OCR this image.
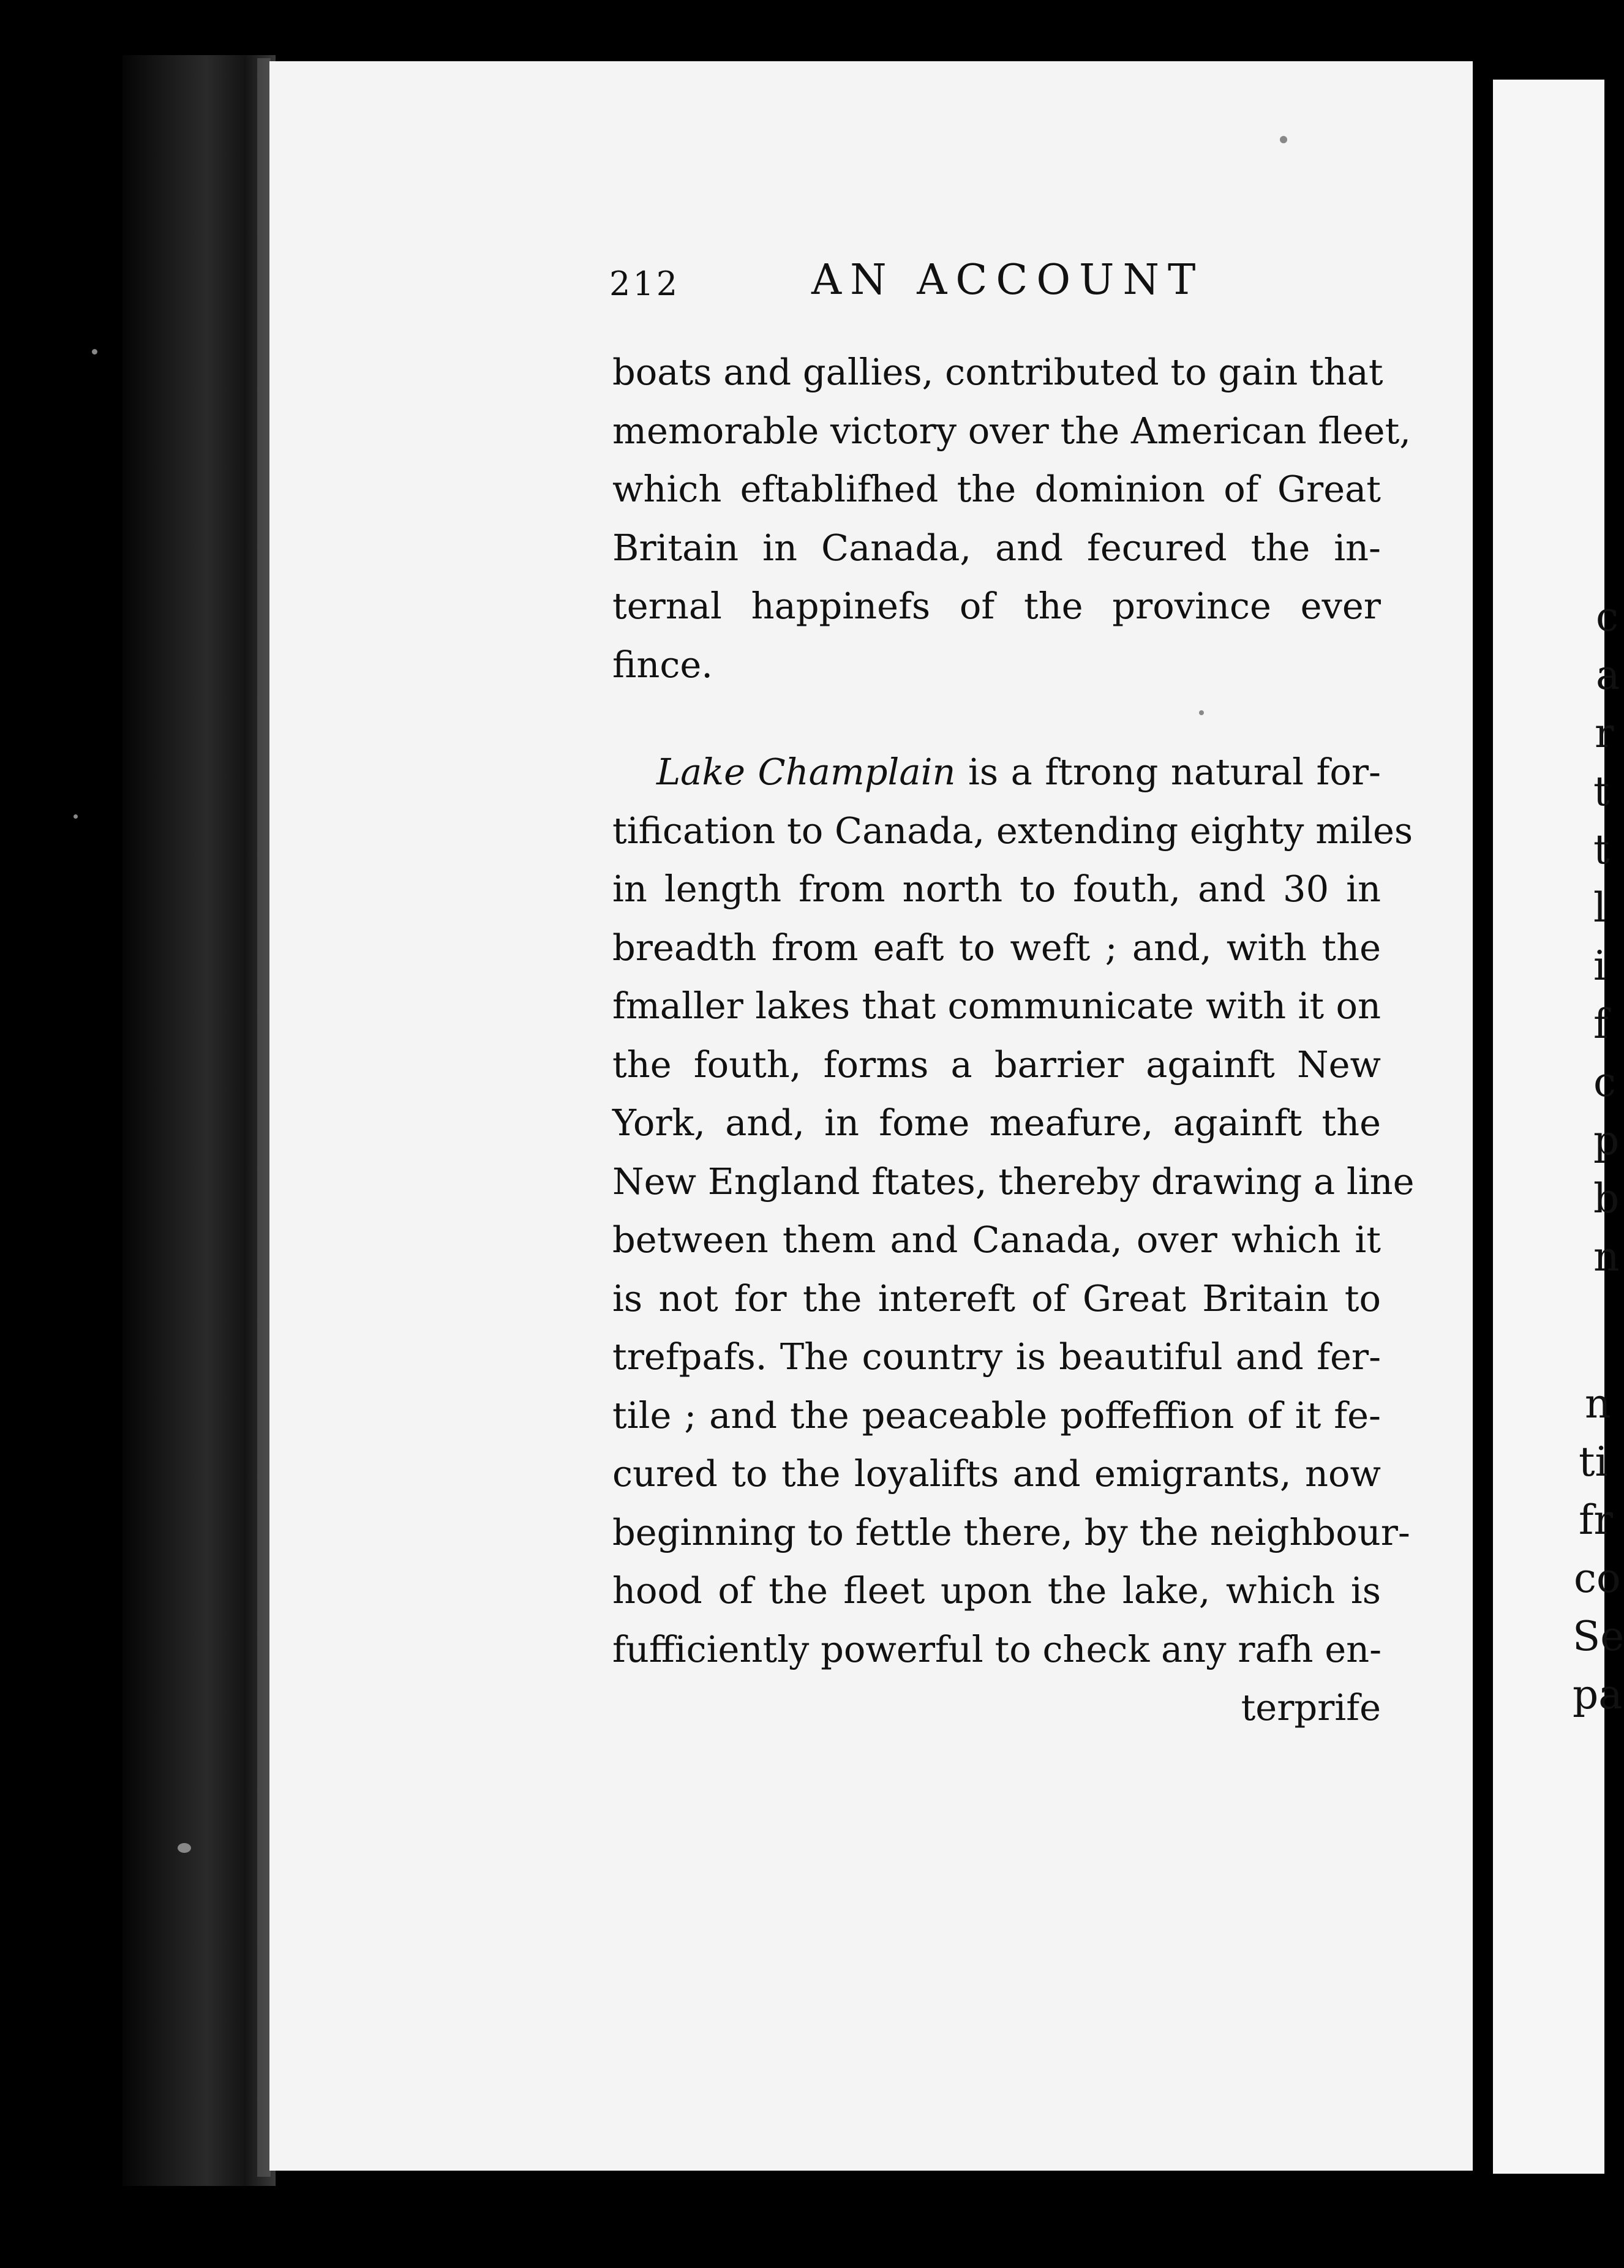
c
a
r
t
t
l
i
f
c
p
b
n
n
ti
fr
co
Se
pa
212	AN ACCOUNT
boats and gallies, contributed to gain that
memorable victory over the American fleet,
which eftablifhed the dominion of Great
Britain in Canada, and fecured the in-
ternal happinefs of the province ever
fince.
Lake Champlain is a ftrong natural for-
tification to Canada, extending eighty miles
in length from north to fouth, and 30 in
breadth from eaft to weft ; and, with the
fmaller lakes that communicate with it on
the fouth, forms a barrier againft New
York, and, in fome meafure, againft the
New England ftates, thereby drawing a line
between them and Canada, over which it
is not for the intereft of Great Britain to
trefpafs. The country is beautiful and fer-
tile ; and the peaceable poffeffion of it fe-
cured to the loyalifts and emigrants, now
beginning to fettle there, by the neighbour-
hood of the fleet upon the lake, which is
fufficiently powerful to check any rafh en-
terprife
